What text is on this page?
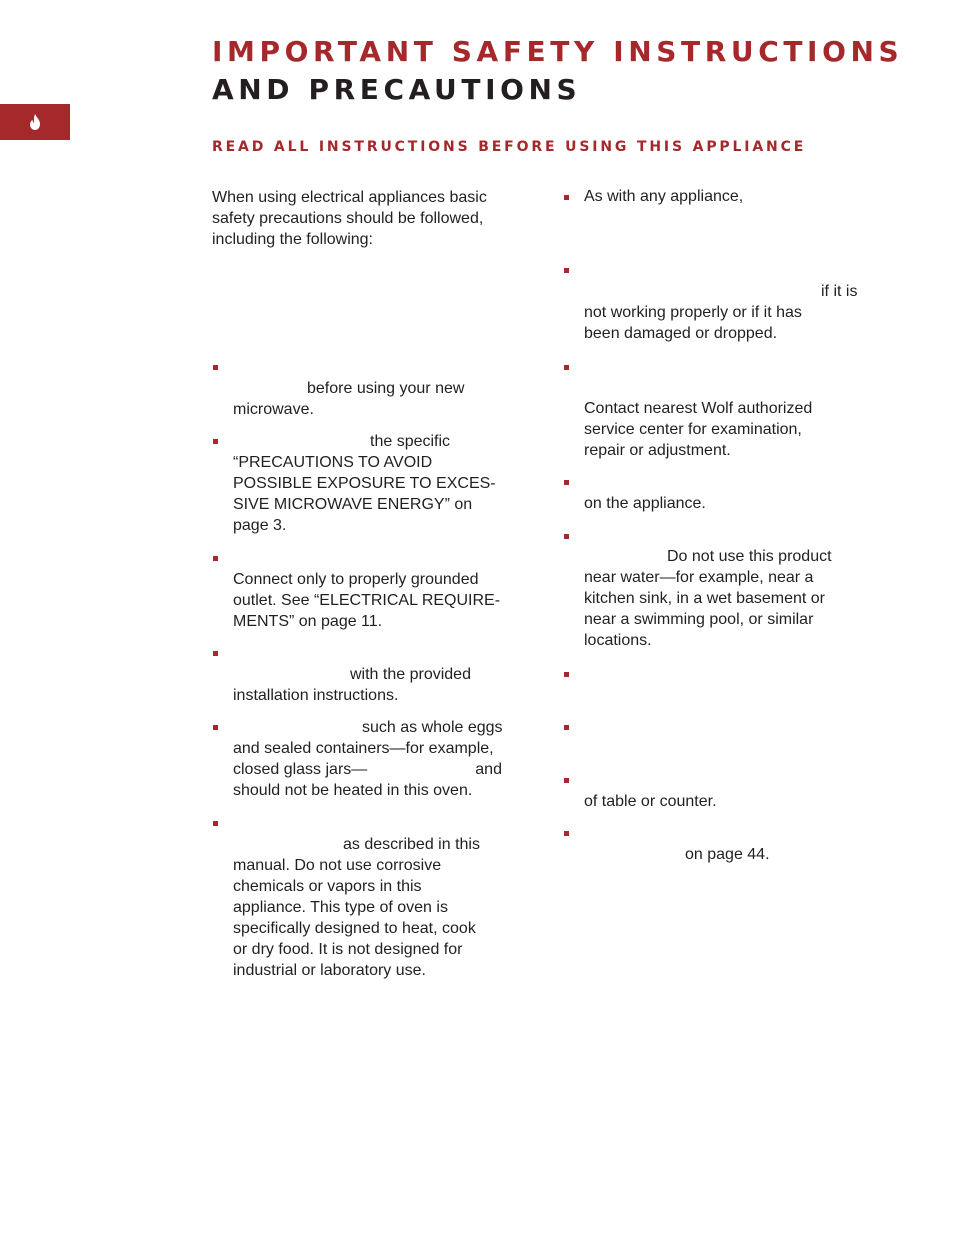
IMPORTANT SAFETY INSTRUCTIONS
AND PRECAUTIONS
READ ALL INSTRUCTIONS BEFORE USING THIS APPLIANCE

When using electrical appliances basic

safety precautions should be followed,

including the following:

before using your new

microwave.

the specific

“PRECAUTIONS TO AVOID

POSSIBLE EXPOSURE TO EXCES-

SIVE MICROWAVE ENERGY” on

page 3.

Connect only to properly grounded

outlet. See “ELECTRICAL REQUIRE-

MENTS” on page 11.

with the provided

installation instructions.

such as whole eggs

and sealed containers—for example,

closed glass jars—	and

should not be heated in this oven.

as described in this

manual. Do not use corrosive

chemicals or vapors in this

appliance. This type of oven is

specifically designed to heat, cook

or dry food. It is not designed for

industrial or laboratory use.

As with any appliance,

if it is

not working properly or if it has

been damaged or dropped.

Contact nearest Wolf authorized

service center for examination,

repair or adjustment.

on the appliance.

Do not use this product

near water—for example, near a

kitchen sink, in a wet basement or

near a swimming pool, or similar

locations.

of table or counter.

on page 44.
